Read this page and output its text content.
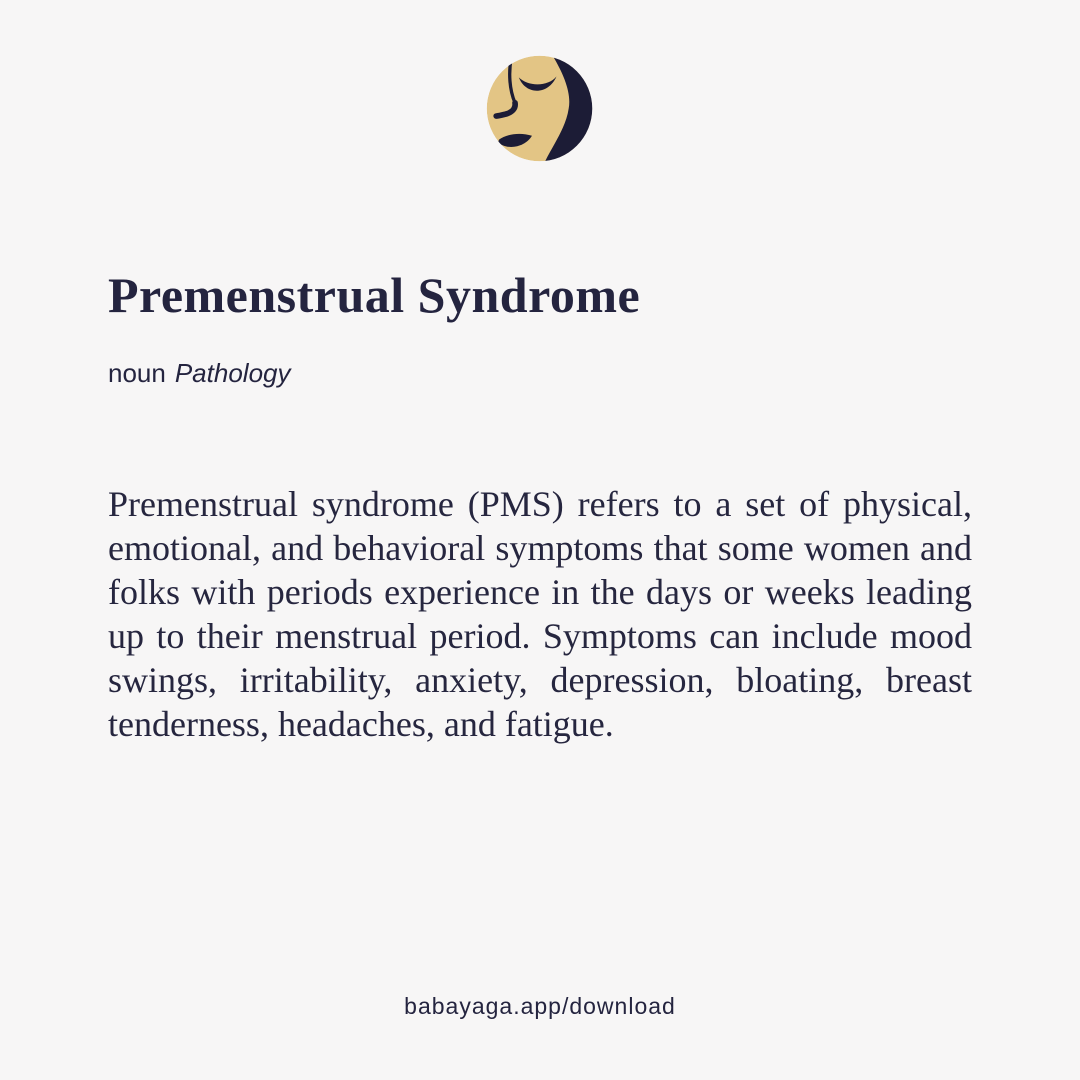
Premenstrual Syndrome
noun Pathology

Premenstrual syndrome (PMS) refers to a set of physical, emotional, and behavioral symptoms that some women and folks with periods experience in the days or weeks leading up to their menstrual period. Symptoms can include mood swings, irritability, anxiety, depression, bloating, breast tenderness, headaches, and fatigue.

babayaga.app/download
